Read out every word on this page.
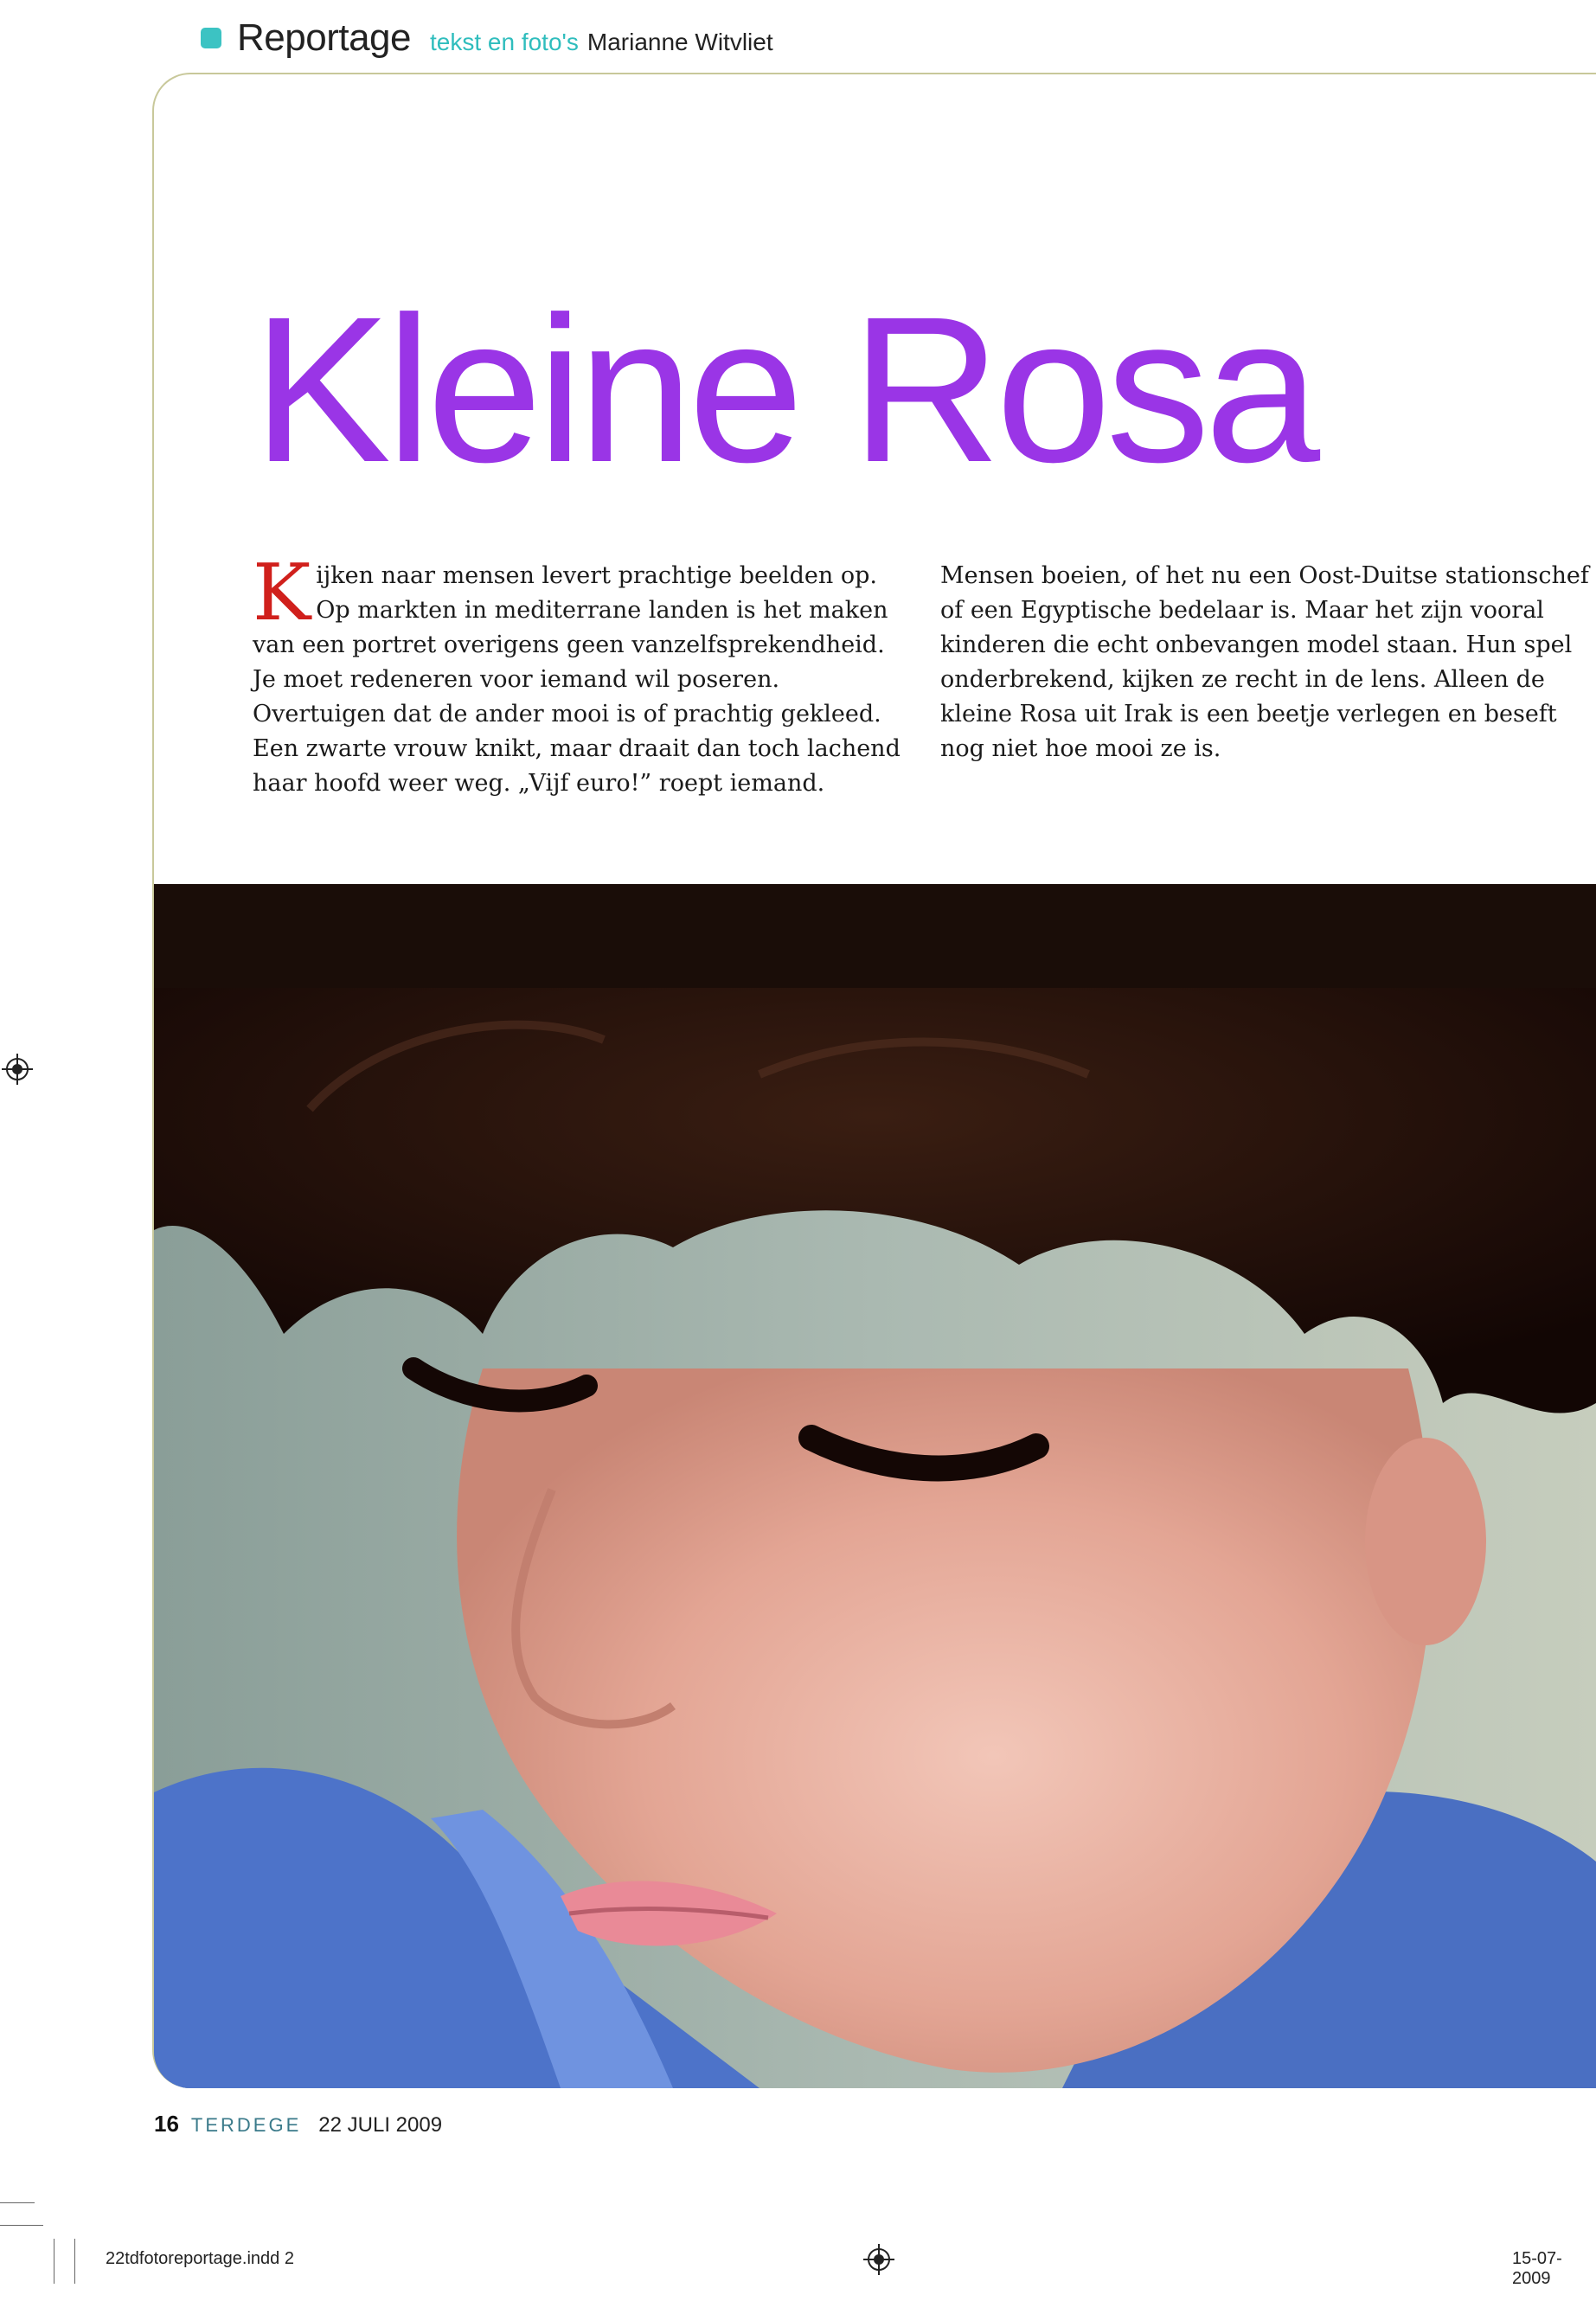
Reportage tekst en foto's Marianne Witvliet
Kleine Rosa

Kijken naar mensen levert prachtige beelden op. Op markten in mediterrane landen is het maken van een portret overigens geen vanzelfsprekendheid. Je moet redeneren voor iemand wil poseren. Overtuigen dat de ander mooi is of prachtig gekleed. Een zwarte vrouw knikt, maar draait dan toch lachend haar hoofd weer weg. „Vijf euro!” roept iemand.

Mensen boeien, of het nu een Oost-Duitse stationschef of een Egyptische bedelaar is. Maar het zijn vooral kinderen die echt onbevangen model staan. Hun spel onderbrekend, kijken ze recht in de lens. Alleen de kleine Rosa uit Irak is een beetje verlegen en beseft nog niet hoe mooi ze is.

16 TERDEGE 22 JULI 2009
22tdfotoreportage.indd 2	15-07-2009
